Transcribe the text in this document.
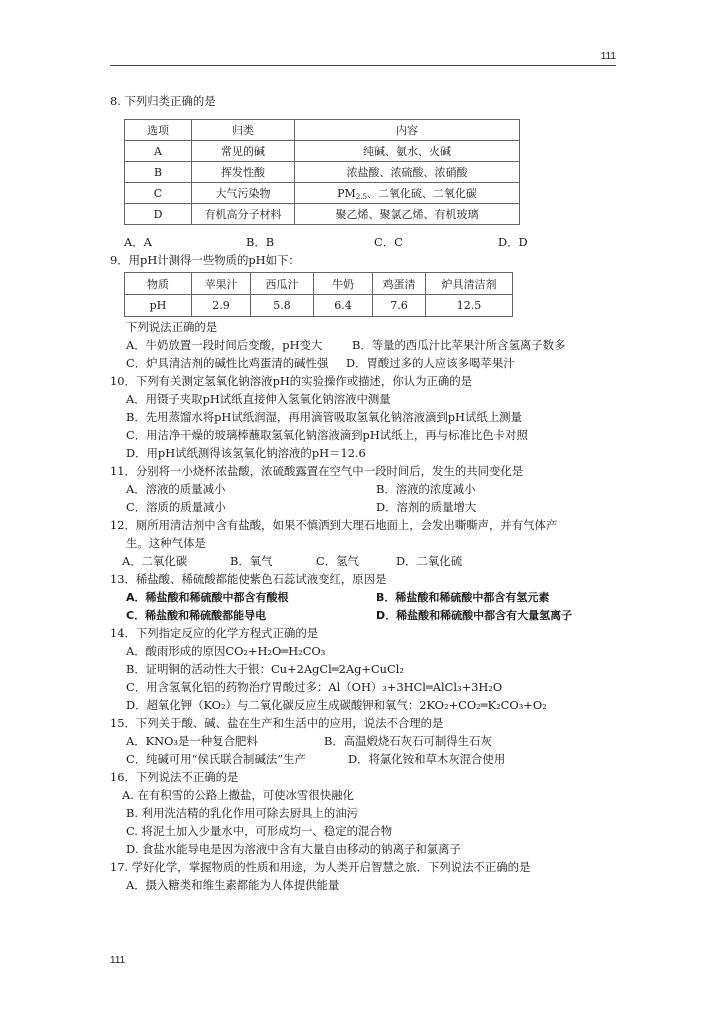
111
8. 下列归类正确的是
选项	归类	内容
A	常见的碱	纯碱、氨水、火碱
B	挥发性酸	浓盐酸、浓硫酸、浓硝酸
C	大气污染物	$PM_{2.5}$、二氧化硫、二氧化碳
D	有机高分子材料	聚乙烯、聚氯乙烯、有机玻璃
A．A	B．B	C．C	D．D
9．用pH计测得一些物质的pH如下：
物质	苹果汁	西瓜汁	牛奶	鸡蛋清	炉具清洁剂
pH	2.9	5.8	6.4	7.6	12.5
下列说法正确的是
A．牛奶放置一段时间后变酸，pH变大	B．等量的西瓜汁比苹果汁所含氢离子数多
C．炉具清洁剂的碱性比鸡蛋清的碱性强 D．胃酸过多的人应该多喝苹果汁
10．下列有关测定氢氧化钠溶液pH的实验操作或描述，你认为正确的是
A．用镊子夹取pH试纸直接伸入氢氧化钠溶液中测量
B．先用蒸馏水将pH试纸润湿，再用滴管吸取氢氧化钠溶液滴到pH试纸上测量
C．用洁净干燥的玻璃棒蘸取氢氧化钠溶液滴到pH试纸上，再与标准比色卡对照
D．用pH试纸测得该氢氧化钠溶液的pH＝12.6
11．分别将一小烧杯浓盐酸，浓硫酸露置在空气中一段时间后，发生的共同变化是
A．溶液的质量减小	B．溶液的浓度减小
C．溶质的质量减小	D．溶剂的质量增大
12．厕所用清洁剂中含有盐酸，如果不慎洒到大理石地面上，会发出嘶嘶声，并有气体产
生。这种气体是
A．二氧化碳	B．氧气	C．氢气	D．二氧化硫
13．稀盐酸、稀硫酸都能使紫色石蕊试液变红，原因是
A．稀盐酸和稀硫酸中都含有酸根	B．稀盐酸和稀硫酸中都含有氢元素
C．稀盐酸和稀硫酸都能导电	D．稀盐酸和稀硫酸中都含有大量氢离子
14．下列指定反应的化学方程式正确的是
A．酸雨形成的原因CO₂+H₂O═H₂CO₃
B．证明铜的活动性大于银：Cu+2AgCl═2Ag+CuCl₂
C．用含氢氧化铝的药物治疗胃酸过多：Al（OH）₃+3HCl═AlCl₃+3H₂O
D．超氧化钾（KO₂）与二氧化碳反应生成碳酸钾和氧气：2KO₂+CO₂═K₂CO₃+O₂
15．下列关于酸、碱、盐在生产和生活中的应用，说法不合理的是
A．KNO₃是一种复合肥料	B．高温煅烧石灰石可制得生石灰
C．纯碱可用“侯氏联合制碱法”生产	D．将氯化铵和草木灰混合使用
16．下列说法不正确的是
A. 在有积雪的公路上撒盐，可使冰雪很快融化
B. 利用洗洁精的乳化作用可除去厨具上的油污
C. 将泥土加入少量水中，可形成均一、稳定的混合物
D. 食盐水能导电是因为溶液中含有大量自由移动的钠离子和氯离子
17. 学好化学，掌握物质的性质和用途，为人类开启智慧之旅．下列说法不正确的是
A．摄入糖类和维生素都能为人体提供能量
111
